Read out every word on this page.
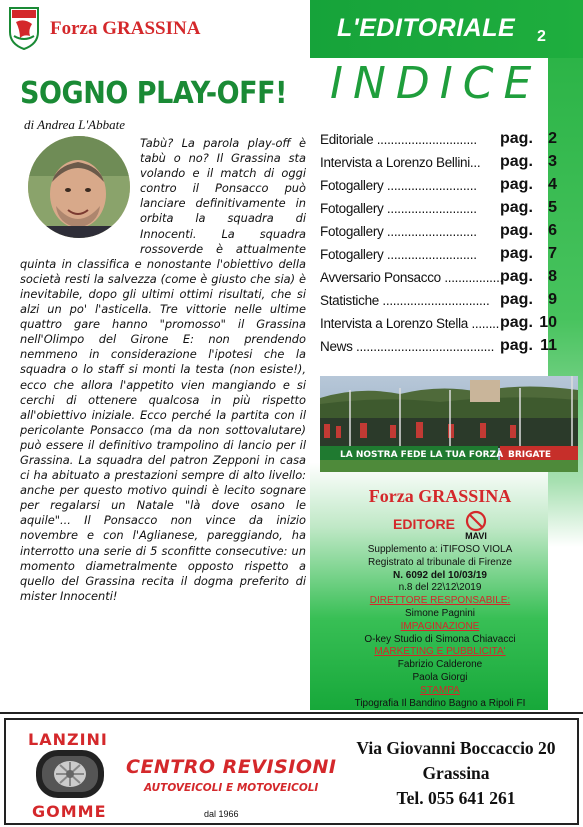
Forza GRASSINA	L'EDITORIALE 2
INDICE
Editoriale ............................. pag. 2
Intervista a Lorenzo Bellini... pag. 3
Fotogallery .......................... pag. 4
Fotogallery .......................... pag. 5
Fotogallery .......................... pag. 6
Fotogallery .......................... pag. 7
Avversario Ponsacco .................
pag. 8
Statistiche ............................... pag. 9
Intervista a Lorenzo Stella ........ pag. 10
News ........................................ pag. 11
LA NOSTRA FEDE LA TUA FORZA BRIGATE
Forza GRASSINA
EDITORE
MAVI
Supplemento a: iTIFOSO VIOLA
Registrato al tribunale di Firenze
N. 6092 del 10/03/19
n.8 del 22\12\2019
DIRETTORE RESPONSABILE:
Simone Pagnini
IMPAGINAZIONE
O-key Studio di Simona Chiavacci
MARKETING E PUBBLICITA'
Fabrizio Calderone
Paola Giorgi
STAMPA
Tipografia Il Bandino Bagno a Ripoli FI
SOGNO PLAY-OFF!
di Andrea L'Abbate
Tabù? La parola play-off è tabù o no? Il Grassina sta volando e il match di oggi contro il Ponsacco può lanciare definitivamente in orbita la squadra di Innocenti. La squadra rossoverde è attualmente quinta in classifica e nonostante l'obiettivo della società resti la salvezza (come è giusto che sia) è inevitabile, dopo gli ultimi ottimi risultati, che si alzi un po' l'asticella. Tre vittorie nelle ultime quattro gare hanno "promosso" il Grassina nell'Olimpo del Girone E: non prendendo nemmeno in considerazione l'ipotesi che la squadra o lo staff si monti la testa (non esiste!), ecco che allora l'appetito vien mangiando e si cerchi di ottenere qualcosa in più rispetto all'obiettivo iniziale. Ecco perché la partita con il pericolante Ponsacco (ma da non sottovalutare) può essere il definitivo trampolino di lancio per il Grassina. La squadra del patron Zepponi in casa ci ha abituato a prestazioni sempre di alto livello: anche per questo motivo quindi è lecito sognare per regalarsi un Natale "là dove osano le aquile"... Il Ponsacco non vince da inizio novembre e con l'Aglianese, pareggiando, ha interrotto una serie di 5 sconfitte consecutive: un momento diametralmente opposto rispetto a quello del Grassina recita il dogma preferito di mister Innocenti!
LANZINI
GOMME
CENTRO REVISIONI
AUTOVEICOLI E MOTOVEICOLI
dal 1966
Via Giovanni Boccaccio 20
Grassina
Tel. 055 641 261
